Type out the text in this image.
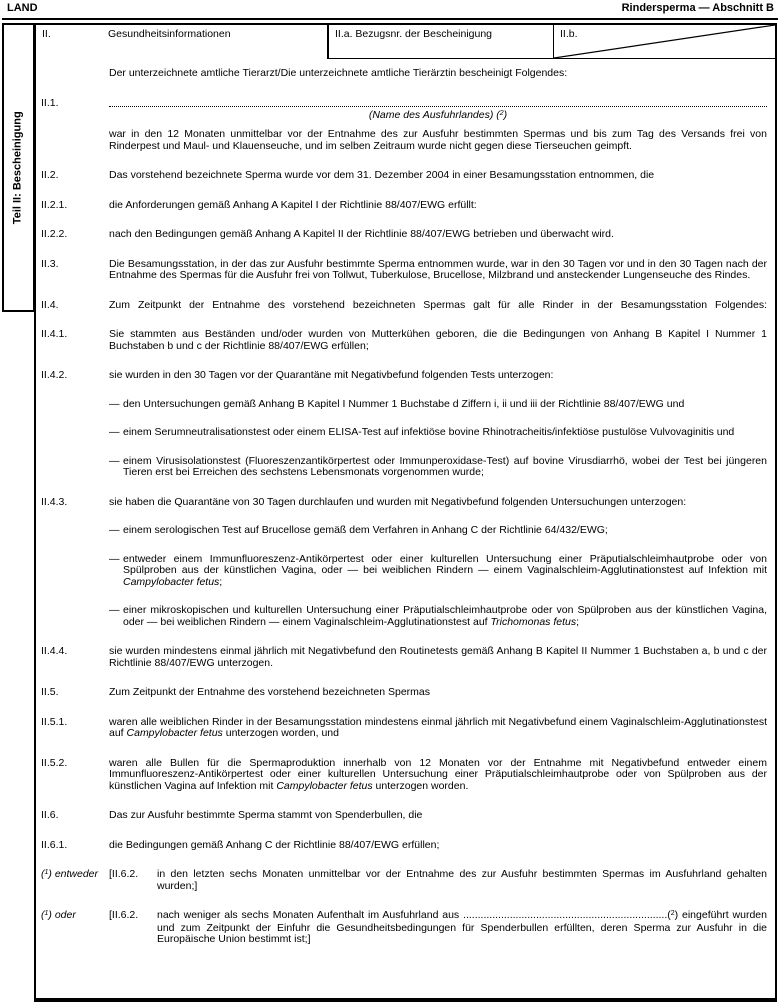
LAND	Rindersperma — Abschnitt B
Teil II: Bescheinigung
II.	Gesundheitsinformationen	II.a. Bezugsnr. der Bescheinigung	II.b.
Der unterzeichnete amtliche Tierarzt/Die unterzeichnete amtliche Tierärztin bescheinigt Folgendes:
II.1.
(Name des Ausfuhrlandes) ($^2$)
war in den 12 Monaten unmittelbar vor der Entnahme des zur Ausfuhr bestimmten Spermas und bis zum Tag des Versands frei von Rinderpest und Maul- und Klauenseuche, und im selben Zeitraum wurde nicht gegen diese Tierseuchen geimpft.
II.2.	Das vorstehend bezeichnete Sperma wurde vor dem 31. Dezember 2004 in einer Besamungsstation entnommen, die
II.2.1.	die Anforderungen gemäß Anhang A Kapitel I der Richtlinie 88/407/EWG erfüllt:
II.2.2.	nach den Bedingungen gemäß Anhang A Kapitel II der Richtlinie 88/407/EWG betrieben und überwacht wird.
II.3.	Die Besamungsstation, in der das zur Ausfuhr bestimmte Sperma entnommen wurde, war in den 30 Tagen vor und in den 30 Tagen nach der Entnahme des Spermas für die Ausfuhr frei von Tollwut, Tuberkulose, Brucellose, Milzbrand und ansteckender Lungenseuche des Rindes.
II.4.	Zum Zeitpunkt der Entnahme des vorstehend bezeichneten Spermas galt für alle Rinder in der Besamungsstation Folgendes:
II.4.1.	Sie stammten aus Beständen und/oder wurden von Mutterkühen geboren, die die Bedingungen von Anhang B Kapitel I Nummer 1 Buchstaben b und c der Richtlinie 88/407/EWG erfüllen;
II.4.2.	sie wurden in den 30 Tagen vor der Quarantäne mit Negativbefund folgenden Tests unterzogen:
— den Untersuchungen gemäß Anhang B Kapitel I Nummer 1 Buchstabe d Ziffern i, ii und iii der Richtlinie 88/407/EWG und
— einem Serumneutralisationstest oder einem ELISA-Test auf infektiöse bovine Rhinotracheitis/infektiöse pustulöse Vulvovaginitis und
— einem Virusisolationstest (Fluoreszenzantikörpertest oder Immunperoxidase-Test) auf bovine Virusdiarrhö, wobei der Test bei jüngeren Tieren erst bei Erreichen des sechstens Lebensmonats vorgenommen wurde;
II.4.3.	sie haben die Quarantäne von 30 Tagen durchlaufen und wurden mit Negativbefund folgenden Untersuchungen unterzogen:
— einem serologischen Test auf Brucellose gemäß dem Verfahren in Anhang C der Richtlinie 64/432/EWG;
— entweder einem Immunfluoreszenz-Antikörpertest oder einer kulturellen Untersuchung einer Präputialschleimhautprobe oder von Spülproben aus der künstlichen Vagina, oder — bei weiblichen Rindern — einem Vaginalschleim-Agglutinationstest auf Infektion mit Campylobacter fetus;
— einer mikroskopischen und kulturellen Untersuchung einer Präputialschleimhautprobe oder von Spülproben aus der künstlichen Vagina, oder — bei weiblichen Rindern — einem Vaginalschleim-Agglutinationstest auf Trichomonas fetus;
II.4.4.	sie wurden mindestens einmal jährlich mit Negativbefund den Routinetests gemäß Anhang B Kapitel II Nummer 1 Buchstaben a, b und c der Richtlinie 88/407/EWG unterzogen.
II.5.	Zum Zeitpunkt der Entnahme des vorstehend bezeichneten Spermas
II.5.1.	waren alle weiblichen Rinder in der Besamungsstation mindestens einmal jährlich mit Negativbefund einem Vaginalschleim-Agglutinationstest auf Campylobacter fetus unterzogen worden, und
II.5.2.	waren alle Bullen für die Spermaproduktion innerhalb von 12 Monaten vor der Entnahme mit Negativbefund entweder einem Immunfluoreszenz-Antikörpertest oder einer kulturellen Untersuchung einer Präputialschleimhautprobe oder von Spülproben aus der künstlichen Vagina auf Infektion mit Campylobacter fetus unterzogen worden.
II.6.	Das zur Ausfuhr bestimmte Sperma stammt von Spenderbullen, die
II.6.1.	die Bedingungen gemäß Anhang C der Richtlinie 88/407/EWG erfüllen;
($^1$) entweder	[II.6.2.	in den letzten sechs Monaten unmittelbar vor der Entnahme des zur Ausfuhr bestimmten Spermas im Ausfuhrland gehalten wurden;]
($^1$) oder	[II.6.2.	nach weniger als sechs Monaten Aufenthalt im Ausfuhrland aus ......................................................................($^2$) eingeführt wurden und zum Zeitpunkt der Einfuhr die Gesundheitsbedingungen für Spenderbullen erfüllten, deren Sperma zur Ausfuhr in die Europäische Union bestimmt ist;]
